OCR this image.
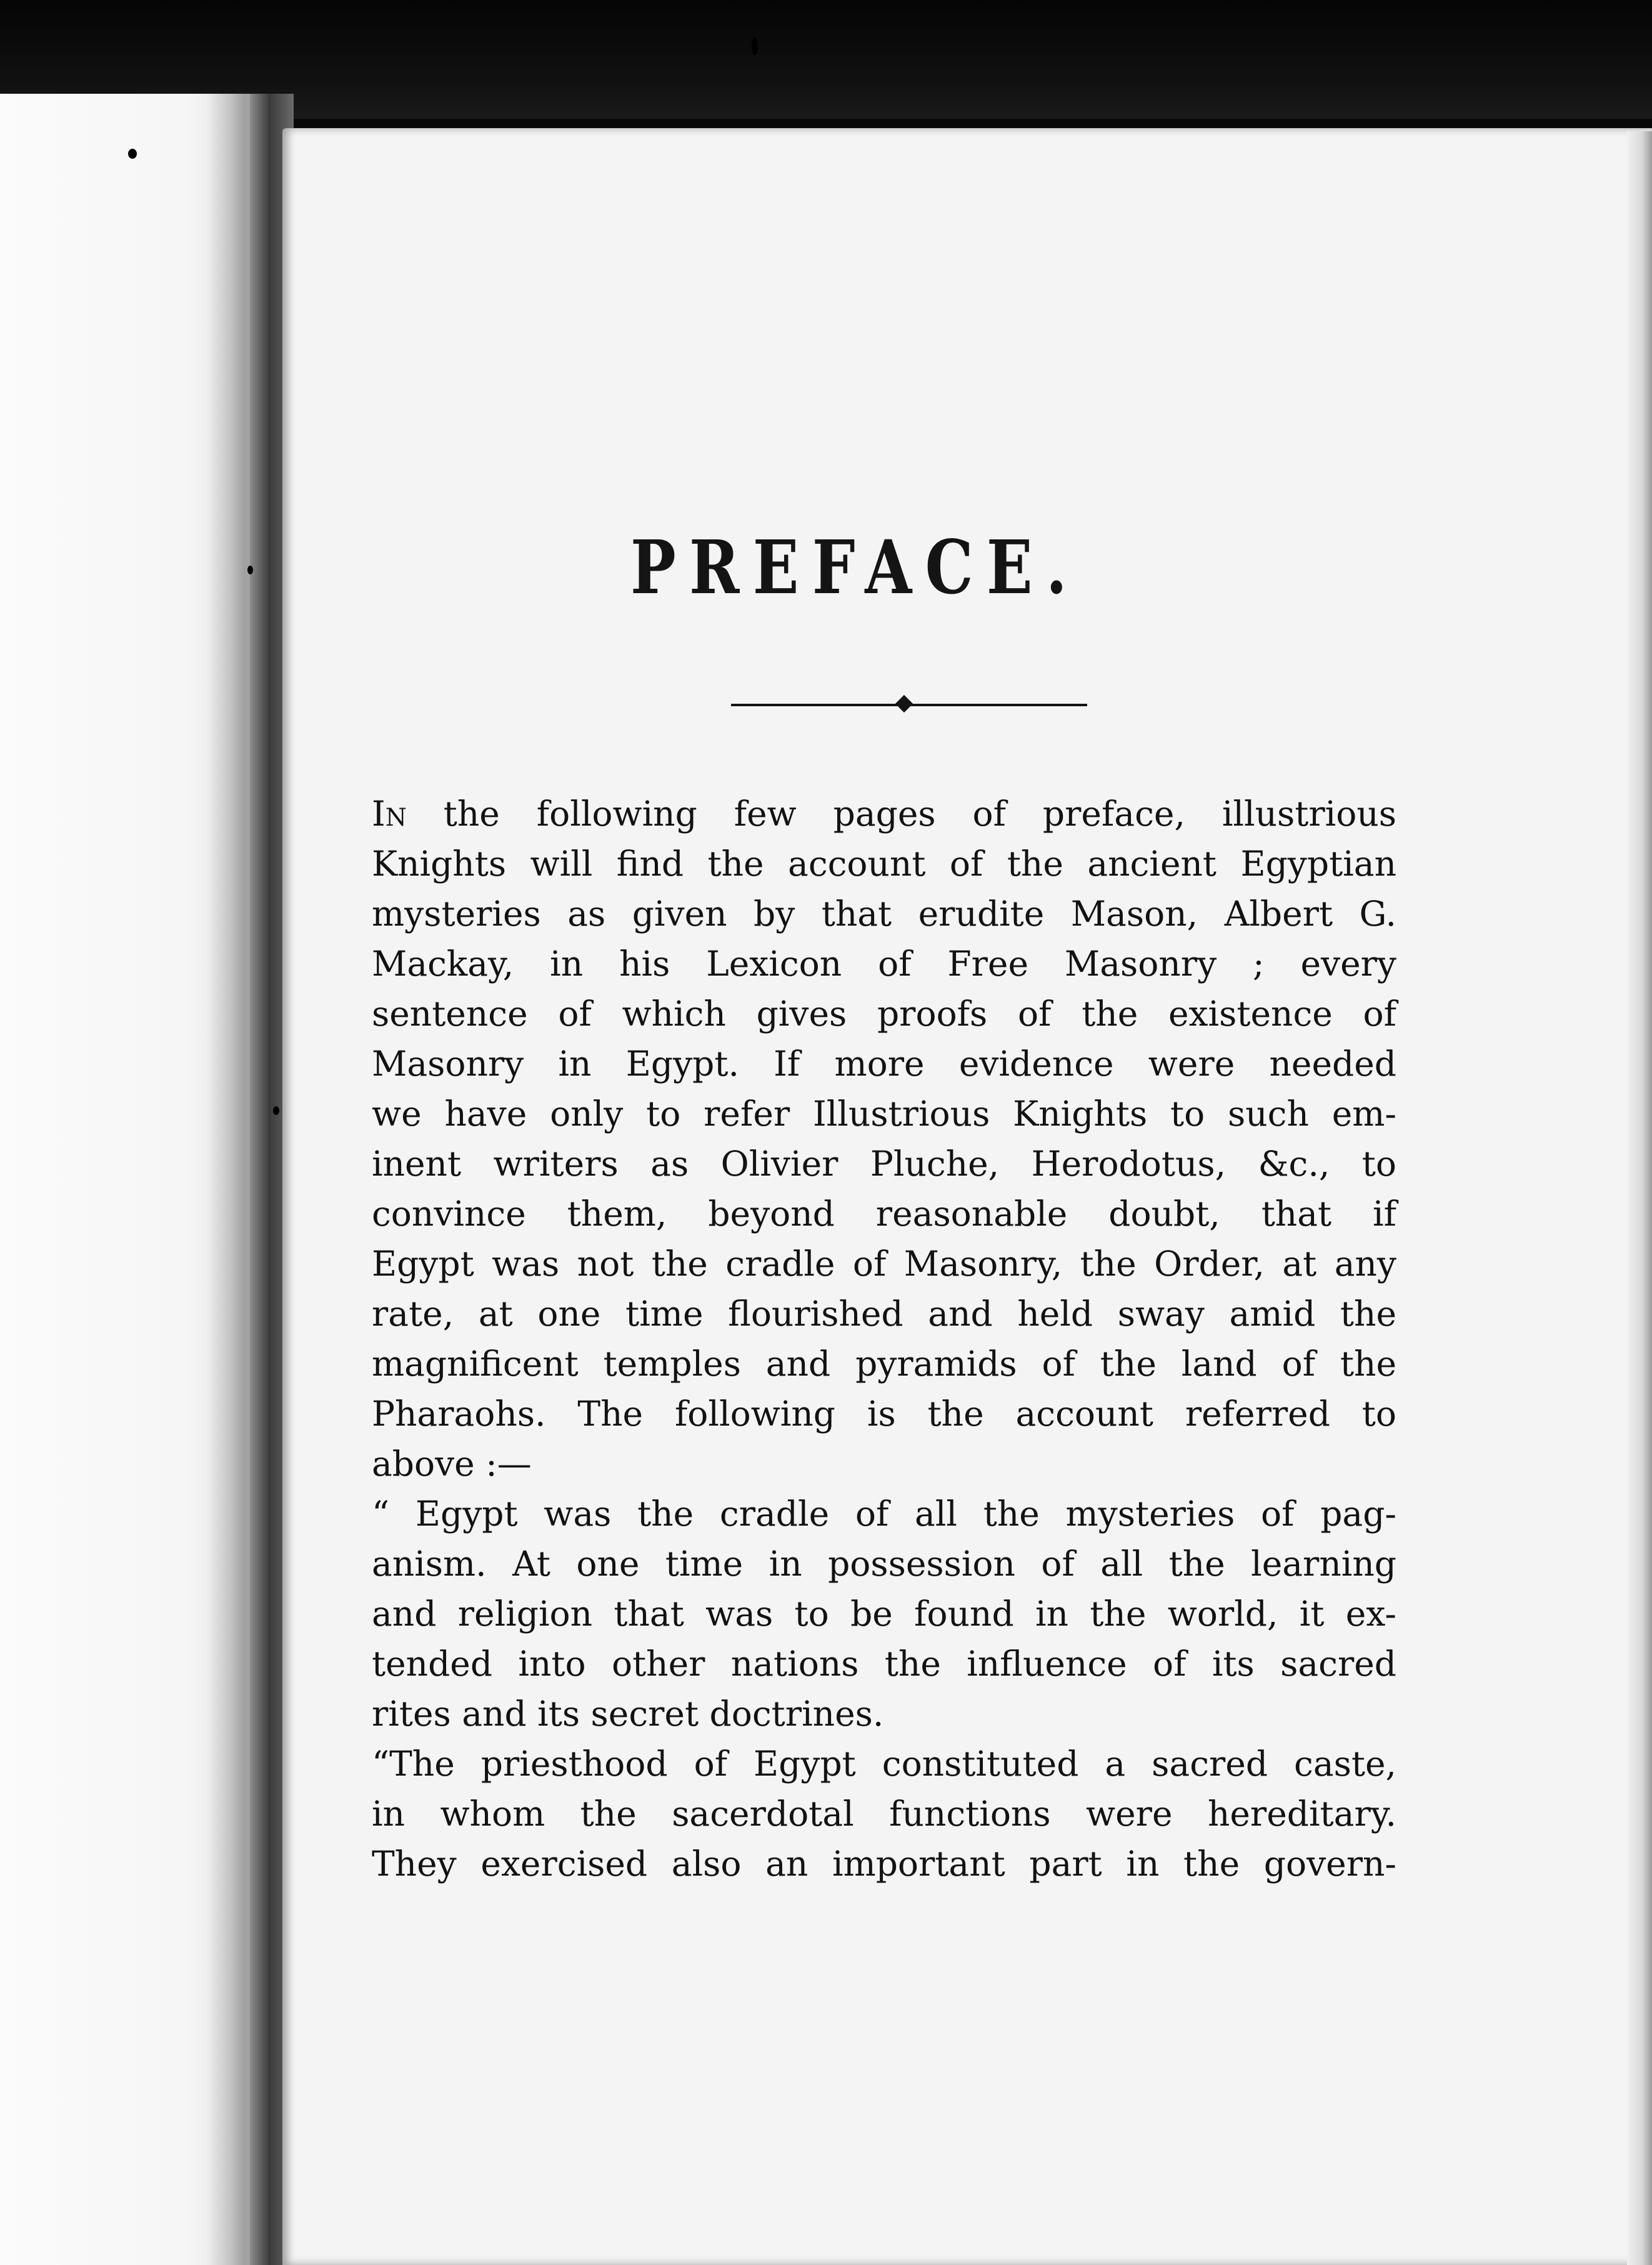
PREFACE.
In the following few pages of preface, illustrious
Knights will find the account of the ancient Egyptian
mysteries as given by that erudite Mason, Albert G.
Mackay, in his Lexicon of Free Masonry ; every
sentence of which gives proofs of the existence of
Masonry in Egypt. If more evidence were needed
we have only to refer Illustrious Knights to such em-
inent writers as Olivier Pluche, Herodotus, &c., to
convince them, beyond reasonable doubt, that if
Egypt was not the cradle of Masonry, the Order, at any
rate, at one time flourished and held sway amid the
magnificent temples and pyramids of the land of the
Pharaohs. The following is the account referred to
above :—
“ Egypt was the cradle of all the mysteries of pag-
anism. At one time in possession of all the learning
and religion that was to be found in the world, it ex-
tended into other nations the influence of its sacred
rites and its secret doctrines.
“The priesthood of Egypt constituted a sacred caste,
in whom the sacerdotal functions were hereditary.
They exercised also an important part in the govern-
